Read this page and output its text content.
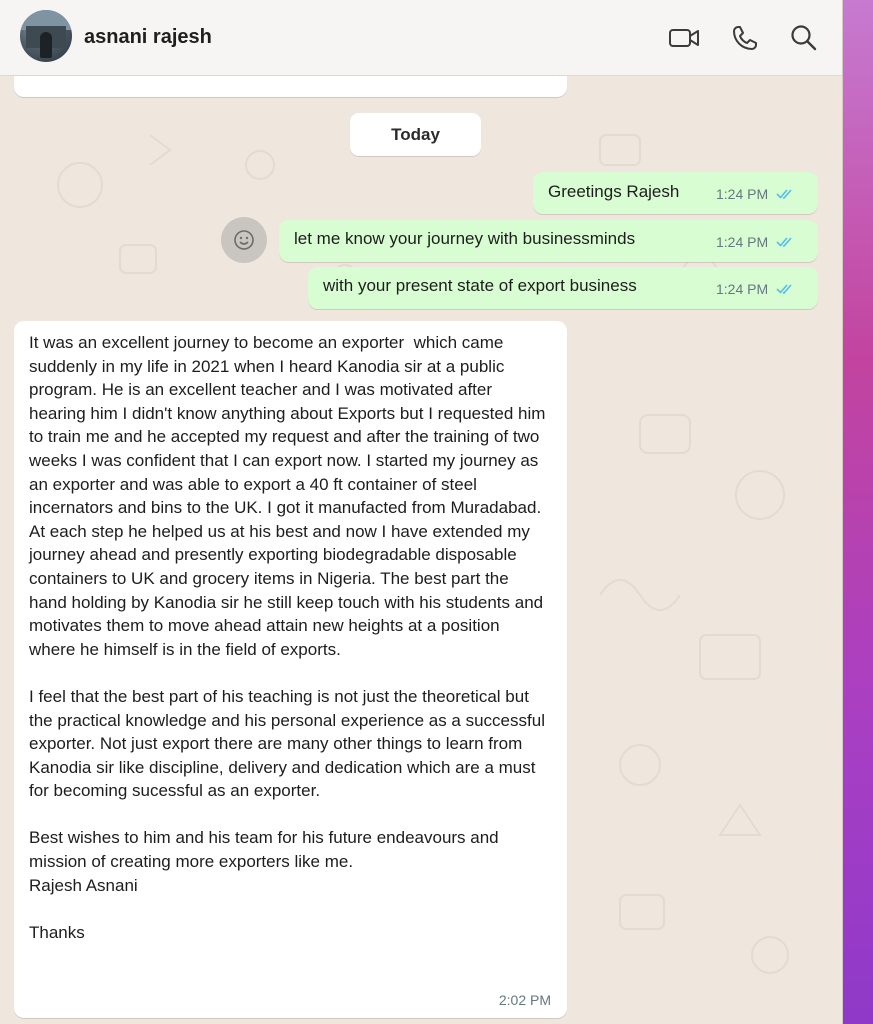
asnani rajesh
Today
Greetings Rajesh	1:24 PM
let me know your journey with businessminds	1:24 PM
with your present state of export business	1:24 PM
It was an excellent journey to become an exporter  which came suddenly in my life in 2021 when I heard Kanodia sir at a public program. He is an excellent teacher and I was motivated after hearing him I didn't know anything about Exports but I requested him to train me and he accepted my request and after the training of two weeks I was confident that I can export now. I started my journey as an exporter and was able to export a 40 ft container of steel incernators and bins to the UK. I got it manufacted from Muradabad. At each step he helped us at his best and now I have extended my journey ahead and presently exporting biodegradable disposable containers to UK and grocery items in Nigeria. The best part the hand holding by Kanodia sir he still keep touch with his students and motivates them to move ahead attain new heights at a position where he himself is in the field of exports.

I feel that the best part of his teaching is not just the theoretical but the practical knowledge and his personal experience as a successful exporter. Not just export there are many other things to learn from Kanodia sir like discipline, delivery and dedication which are a must for becoming sucessful as an exporter.

Best wishes to him and his team for his future endeavours and mission of creating more exporters like me.
Rajesh Asnani

Thanks
2:02 PM
